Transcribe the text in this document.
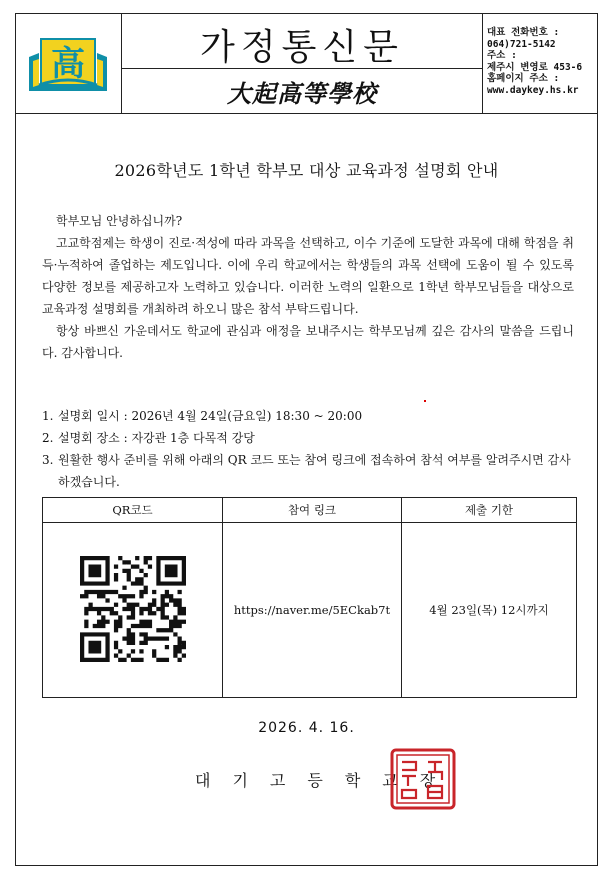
高	가정통신문
大起高等學校
대표 전화번호 :
064)721-5142
주소 :
제주시 변영로 453-6
홈페이지 주소 :
www.daykey.hs.kr
2026학년도 1학년 학부모 대상 교육과정 설명회 안내

학부모님 안녕하십니까?

고교학점제는 학생이 진로·적성에 따라 과목을 선택하고, 이수 기준에 도달한 과목에 대해 학점을 취득·누적하여 졸업하는 제도입니다. 이에 우리 학교에서는 학생들의 과목 선택에 도움이 될 수 있도록 다양한 정보를 제공하고자 노력하고 있습니다. 이러한 노력의 일환으로 1학년 학부모님들을 대상으로 교육과정 설명회를 개최하려 하오니 많은 참석 부탁드립니다.

항상 바쁘신 가운데서도 학교에 관심과 애정을 보내주시는 학부모님께 깊은 감사의 말씀을 드립니다. 감사합니다.

1. 설명회 일시 : 2026년 4월 24일(금요일) 18:30 ~ 20:00
2. 설명회 장소 : 자강관 1층 다목적 강당
3. 원활한 행사 준비를 위해 아래의 QR 코드 또는 참여 링크에 접속하여 참석 여부를 알려주시면 감사하겠습니다.
QR코드	참여 링크	제출 기한
	https://naver.me/5ECkab7t	4월 23일(목) 12시까지
2026. 4. 16.
대기고등학교장
